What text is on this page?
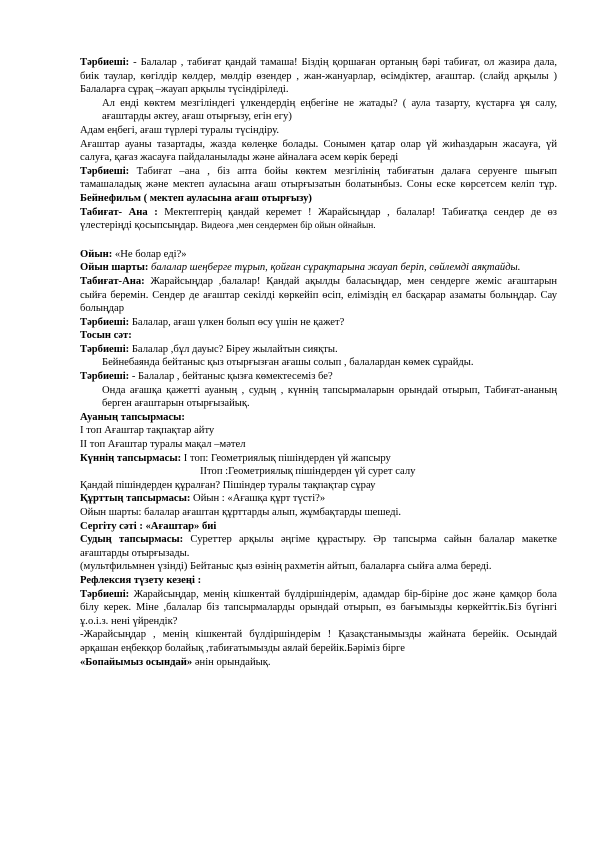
Тәрбиеші: - Балалар , табиғат қандай тамаша! Біздің қоршаған ортаның бәрі табиғат, ол жазира дала, биік таулар, көгілдір көлдер, мөлдір өзендер , жан-жануарлар, өсімдіктер, ағаштар. (слайд арқылы ) Балаларға сұрақ –жауап арқылы түсіндіріледі.

Ал енді көктем мезгіліндегі үлкендердің еңбегіне не жатады? ( аула тазарту, күстарға ұя салу, ағаштарды әктеу, ағаш отырғызу, егін егу)

Адам еңбегі, ағаш түрлері туралы түсіндіру.

Ағаштар ауаны тазартады, жазда көлеңке болады. Сонымен қатар олар үй жиһаздарын жасауға, үй салуға, қағаз жасауға пайдаланылады және айналаға әсем көрік береді

Тәрбиеші: Табиғат –ана , біз апта бойы көктем мезгілінің табиғатын далаға серуенге шығып тамашаладық және мектеп ауласына ағаш отырғызатын болатынбыз. Соны еске көрсетсем келіп тұр. Бейнефильм ( мектеп ауласына ағаш отырғызу)

Табиғат- Ана : Мектептерің қандай керемет ! Жарайсыңдар , балалар! Табиғатқа сендер де өз үлестеріңді қосыпсыңдар. Видеоға ,мен сендермен бір ойын ойнайын.

Ойын: «Не болар еді?»

Ойын шарты: балалар шеңберге тұрып, қойған сұрақтарына жауап беріп, сөйлемді аяқтайды.

Табиғат-Ана: Жарайсыңдар ,балалар! Қандай ақылды баласыңдар, мен сендерге жеміс ағаштарын сыйға беремін. Сендер де ағаштар секілді көркейіп өсіп, еліміздің ел басқарар азаматы болыңдар. Сау болыңдар

Тәрбиеші: Балалар, ағаш үлкен болып өсу үшін не қажет?

Тосын сәт:

Тәрбиеші: Балалар ,бұл дауыс? Біреу жылайтын сияқты.

Бейнебаянда бейтаныс қыз отырғызған ағашы солып , балалардан көмек сұрайды.

Тәрбиеші: - Балалар , бейтаныс қызға көмектесеміз бе?

Онда ағашқа қажетті ауаның , судың , күннің тапсырмаларын орындай отырып, Табиғат-ананың берген ағаштарын отырғызайық.

Ауаның тапсырмасы:

I топ Ағаштар тақпақтар айту

II топ Ағаштар туралы мақал –мәтел

Күннің тапсырмасы: I топ: Геометриялық пішіндерден үй жапсыру

IIтоп :Геометриялық пішіндерден үй сурет салу

Қандай пішіндерден құралған? Пішіндер туралы тақпақтар сұрау

Құрттың тапсырмасы: Ойын : «Ағашқа құрт түсті?»

Ойын шарты: балалар ағаштан құрттарды алып, жұмбақтарды шешеді.

Сергіту сәті : «Ағаштар» биі

Судың тапсырмасы: Суреттер арқылы әңгіме құрастыру. Әр тапсырма сайын балалар макетке ағаштарды отырғызады.

(мультфильмнен үзінді) Бейтаныс қыз өзінің рахметін айтып, балаларға сыйға алма береді.

Рефлексия түзету кезеңі :

Тәрбиеші: Жарайсыңдар, менің кішкентай бүлдіршіндерім, адамдар бір-біріне дос және қамқор бола білу керек. Міне ,балалар біз тапсырмаларды орындай отырып, өз бағымызды көркейттік.Біз бүгінгі ұ.о.і.з. нені үйрендік?

-Жарайсыңдар , менің кішкентай бүлдіршіндерім ! Қазақстанымызды жайната берейік. Осындай әрқашан еңбекқор болайық ,табиғатымызды аялай берейік.Бәріміз бірге

«Бопайымыз осындай» әнін орындайық.
